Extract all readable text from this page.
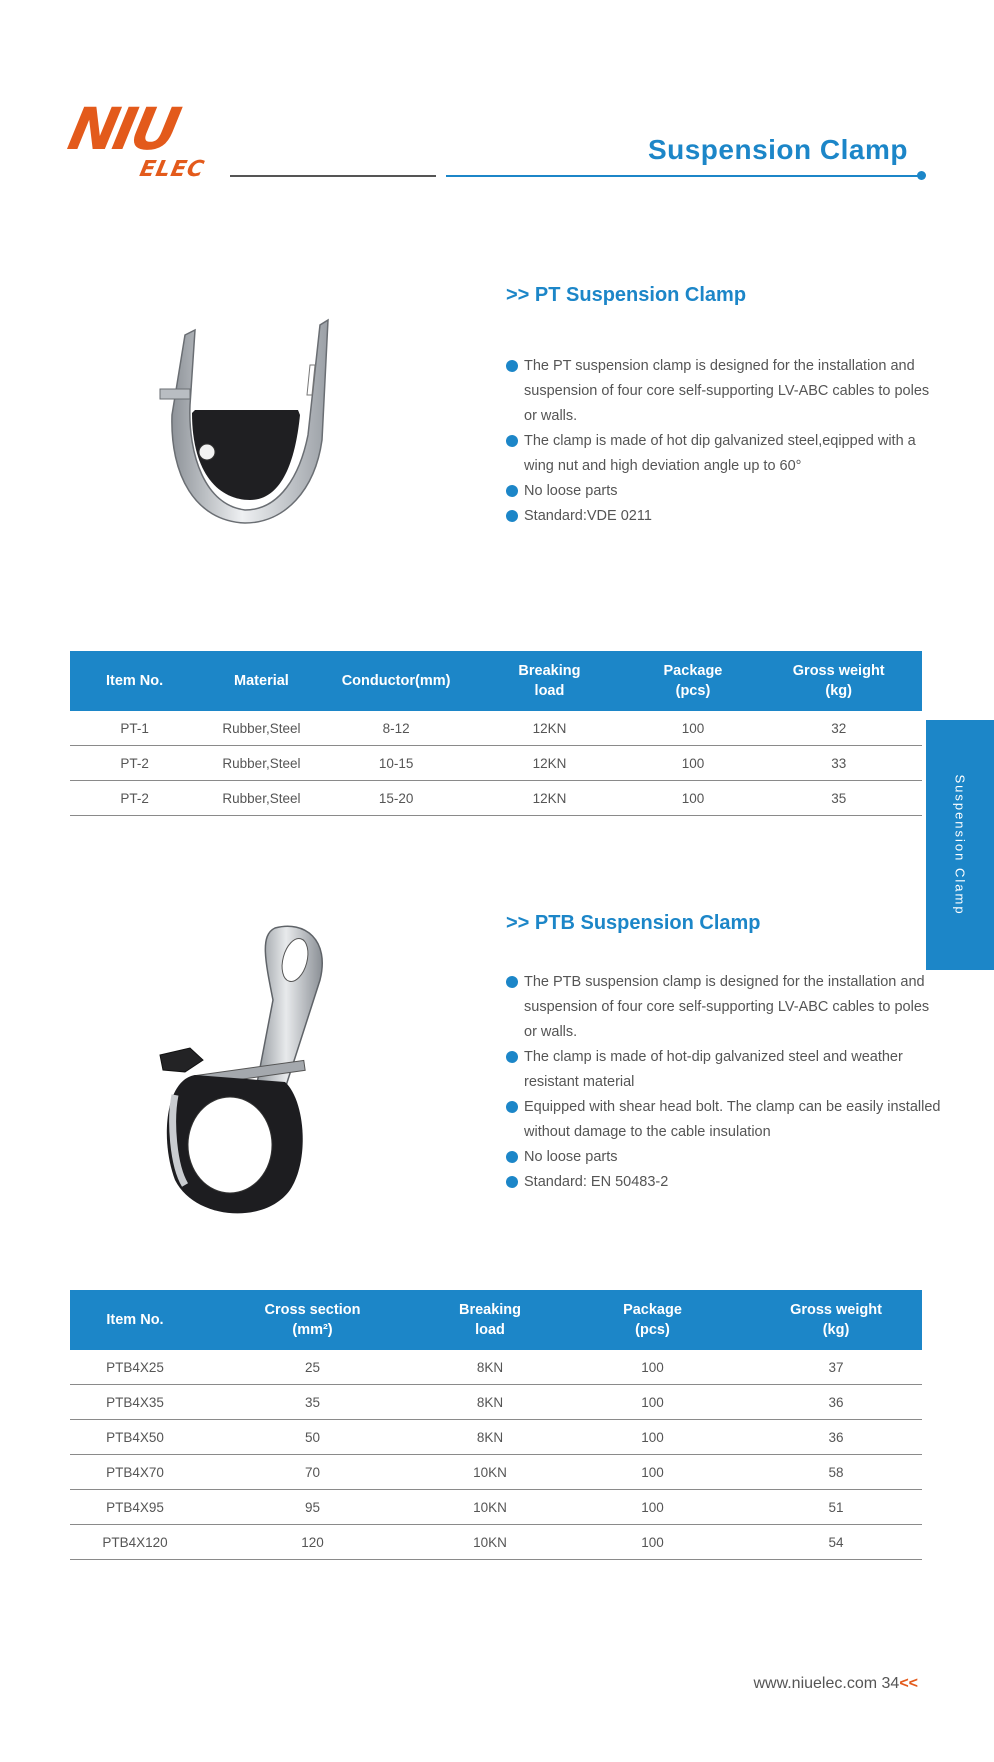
NIU
ELEC
Suspension Clamp
Suspension Clamp
>> PT Suspension Clamp
The PT suspension clamp is designed for the installation and suspension of four core self-supporting LV-ABC cables to poles or walls.
The clamp is made of hot dip galvanized steel,eqipped with a wing nut and high deviation angle up to 60°
No loose parts
Standard:VDE 0211
Item No.	Material	Conductor(mm)	Breaking load	Package (pcs)	Gross weight (kg)
PT-1	Rubber,Steel	8-12	12KN	100	32
PT-2	Rubber,Steel	10-15	12KN	100	33
PT-2	Rubber,Steel	15-20	12KN	100	35
>> PTB Suspension Clamp
The PTB suspension clamp is designed for the installation and suspension of four core self-supporting LV-ABC cables to poles or walls.
The clamp is made of hot-dip galvanized steel and weather resistant material
Equipped with shear head bolt. The clamp can be easily installed without damage to the cable insulation
No loose parts
Standard: EN 50483-2
Item No.	Cross section (mm²)	Breaking load	Package (pcs)	Gross weight (kg)
PTB4X25	25	8KN	100	37
PTB4X35	35	8KN	100	36
PTB4X50	50	8KN	100	36
PTB4X70	70	10KN	100	58
PTB4X95	95	10KN	100	51
PTB4X120	120	10KN	100	54
www.niuelec.com 34<<
